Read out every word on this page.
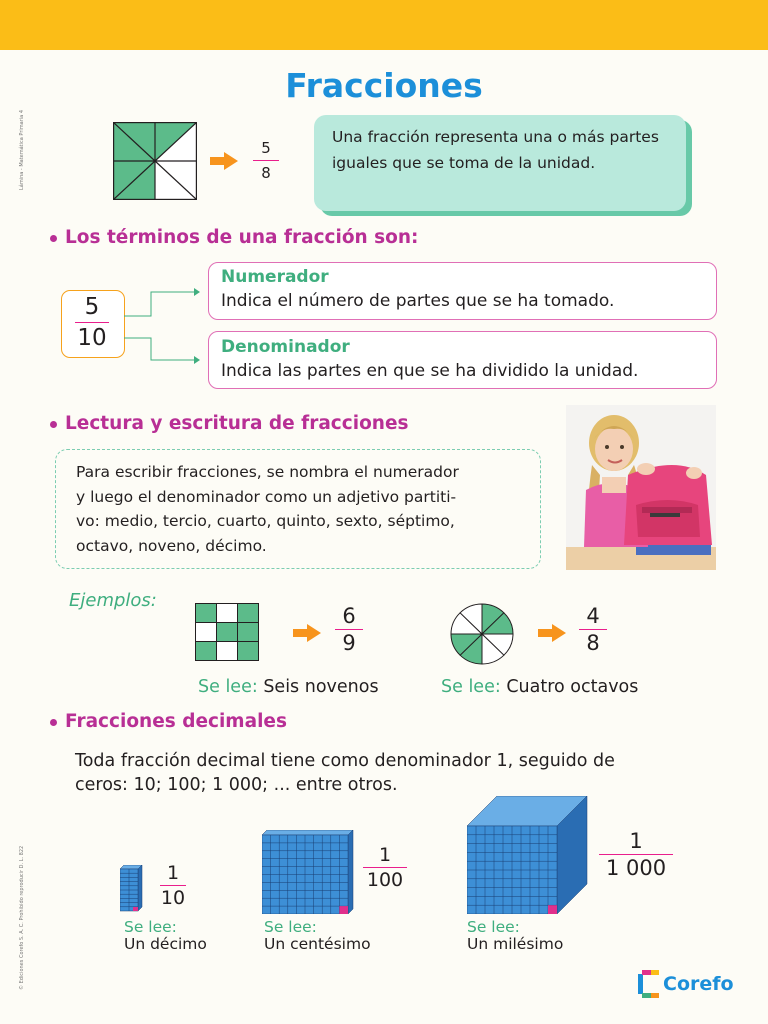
Lámina - Matemática Primaria 4
© Ediciones Corefo S. A. C. Prohibido reproducir D. L. 822
Fracciones
5
8
Una fracción representa una o más partes iguales que se toma de la unidad.
Los términos de una fracción son:
5
10
Numerador
Indica el número de partes que se ha tomado.
Denominador
Indica las partes en que se ha dividido la unidad.
Lectura y escritura de fracciones
Para escribir fracciones, se nombra el numerador
y luego el denominador como un adjetivo partiti-
vo: medio, tercio, cuarto, quinto, sexto, séptimo,
octavo, noveno, décimo.
Ejemplos:
6
9
4
8
Se lee: Seis novenos	Se lee: Cuatro octavos
Fracciones decimales
Toda fracción decimal tiene como denominador 1, seguido de
ceros: 10; 100; 1 000; ... entre otros.
1
10
Se lee:
Un décimo
1
100
Se lee:
Un centésimo
1
1 000
Se lee:
Un milésimo
Corefo
